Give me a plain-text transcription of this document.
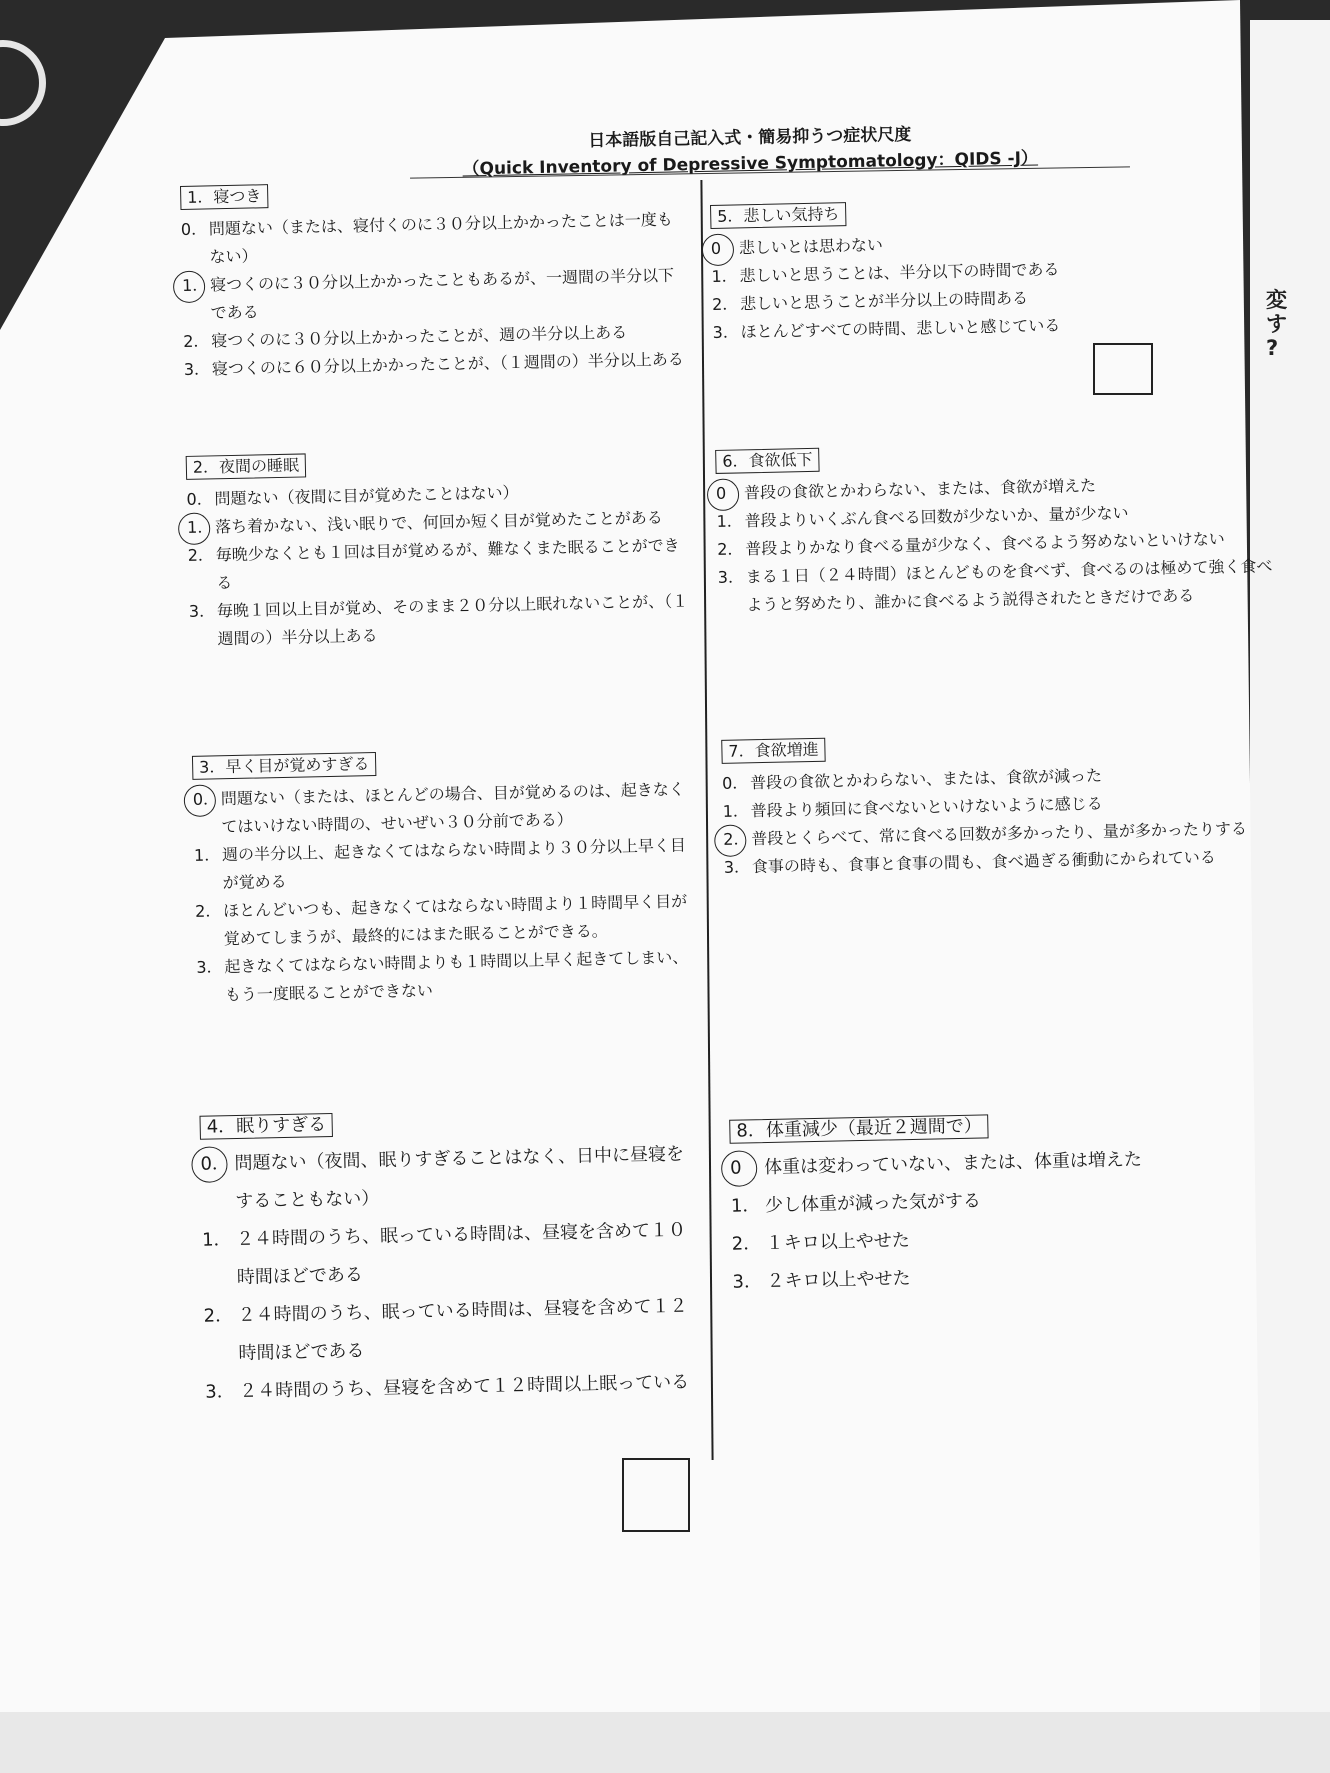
変
す
?
日本語版自己記入式・簡易抑うつ症状尺度
（Quick Inventory of Depressive Symptomatology：QIDS -J）
1．寝つき
0． 問題ない（または、寝付くのに３０分以上かかったことは一度もない）
1． 寝つくのに３０分以上かかったこともあるが、一週間の半分以下である
2． 寝つくのに３０分以上かかったことが、週の半分以上ある
3． 寝つくのに６０分以上かかったことが、（１週間の）半分以上ある
2．夜間の睡眠
0． 問題ない（夜間に目が覚めたことはない）
1． 落ち着かない、浅い眠りで、何回か短く目が覚めたことがある
2． 毎晩少なくとも１回は目が覚めるが、難なくまた眠ることができる
3． 毎晩１回以上目が覚め、そのまま２０分以上眠れないことが、（１週間の）半分以上ある
3．早く目が覚めすぎる
0． 問題ない（または、ほとんどの場合、目が覚めるのは、起きなくてはいけない時間の、せいぜい３０分前である）
1． 週の半分以上、起きなくてはならない時間より３０分以上早く目が覚める
2． ほとんどいつも、起きなくてはならない時間より１時間早く目が覚めてしまうが、最終的にはまた眠ることができる。
3． 起きなくてはならない時間よりも１時間以上早く起きてしまい、もう一度眠ることができない
4．眠りすぎる
0． 問題ない（夜間、眠りすぎることはなく、日中に昼寝をすることもない）
1． ２４時間のうち、眠っている時間は、昼寝を含めて１０時間ほどである
2． ２４時間のうち、眠っている時間は、昼寝を含めて１２時間ほどである
3． ２４時間のうち、昼寝を含めて１２時間以上眠っている
5．悲しい気持ち
0 悲しいとは思わない
1． 悲しいと思うことは、半分以下の時間である
2． 悲しいと思うことが半分以上の時間ある
3． ほとんどすべての時間、悲しいと感じている
6．食欲低下
0 普段の食欲とかわらない、または、食欲が増えた
1． 普段よりいくぶん食べる回数が少ないか、量が少ない
2． 普段よりかなり食べる量が少なく、食べるよう努めないといけない
3． まる１日（２４時間）ほとんどものを食べず、食べるのは極めて強く食べようと努めたり、誰かに食べるよう説得されたときだけである
7．食欲増進
0． 普段の食欲とかわらない、または、食欲が減った
1． 普段より頻回に食べないといけないように感じる
2． 普段とくらべて、常に食べる回数が多かったり、量が多かったりする
3． 食事の時も、食事と食事の間も、食べ過ぎる衝動にかられている
8．体重減少（最近２週間で）
0 体重は変わっていない、または、体重は増えた
1． 少し体重が減った気がする
2． １キロ以上やせた
3． ２キロ以上やせた
